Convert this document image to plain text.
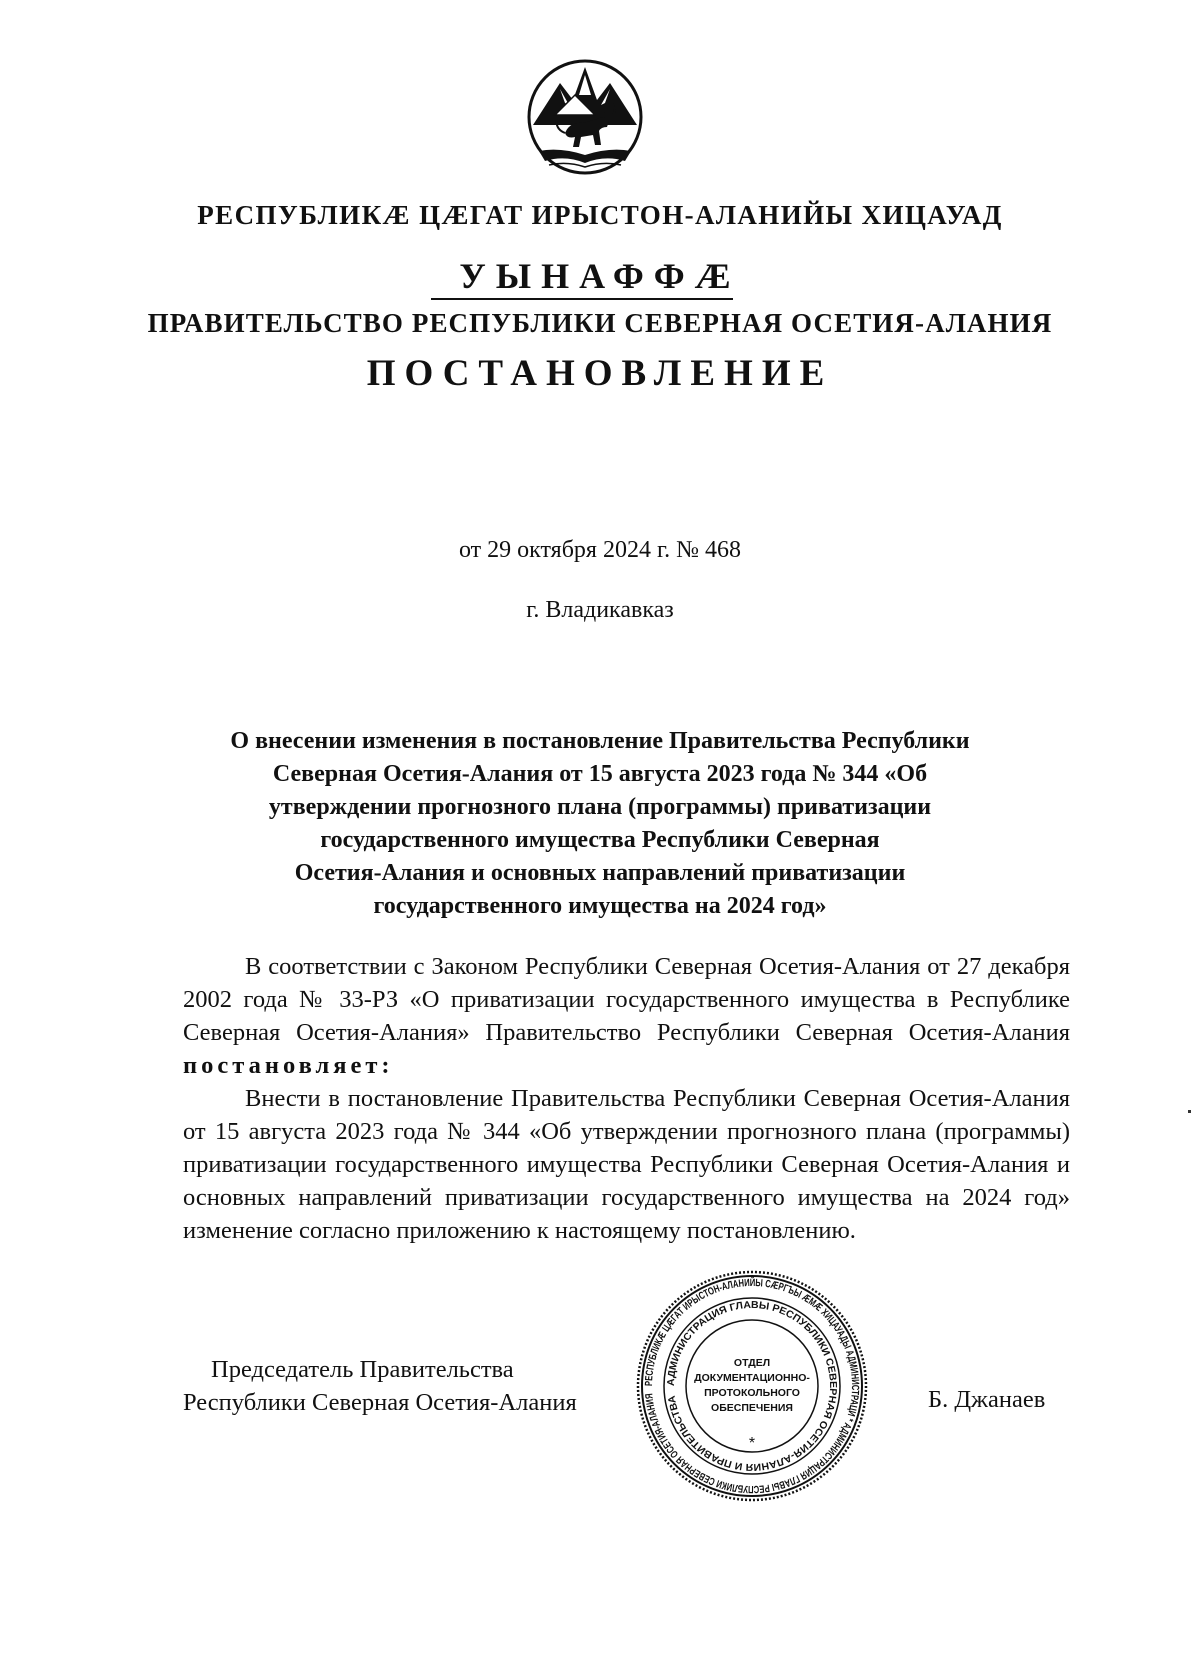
РЕСПУБЛИКӔ ЦӔГАТ ИРЫСТОН-АЛАНИЙЫ ХИЦАУАД
УЫНАФФӔ
ПРАВИТЕЛЬСТВО РЕСПУБЛИКИ СЕВЕРНАЯ ОСЕТИЯ-АЛАНИЯ
ПОСТАНОВЛЕНИЕ
от 29 октября 2024 г. № 468
г. Владикавказ
О внесении изменения в постановление Правительства Республики
Северная Осетия-Алания от 15 августа 2023 года № 344 «Об
утверждении прогнозного плана (программы) приватизации
государственного имущества Республики Северная
Осетия-Алания и основных направлений приватизации
государственного имущества на 2024 год»

В соответствии с Законом Республики Северная Осетия-Алания от 27 декабря 2002 года № 33-РЗ «О приватизации государственного имущества в Республике Северная Осетия-Алания» Правительство Республики Северная Осетия-Алания постановляет:

Внести в постановление Правительства Республики Северная Осетия-Алания от 15 августа 2023 года № 344 «Об утверждении прогнозного плана (программы) приватизации государственного имущества Республики Северная Осетия-Алания и основных направлений приватизации государственного имущества на 2024 год» изменение согласно приложению к настоящему постановлению.

Председатель Правительства
Республики Северная Осетия-Алания	Б. Джанаев
РЕСПУБЛИКӔ ЦӔГАТ ИРЫСТОН-АЛАНИЙЫ СӔРГЪЫ ӔМӔ ХИЦАУАДЫ АДМИНИСТРАЦИ * АДМИНИСТРАЦИЯ ГЛАВЫ РЕСПУБЛИКИ СЕВЕРНАЯ ОСЕТИЯ-АЛАНИЯ
АДМИНИСТРАЦИЯ ГЛАВЫ РЕСПУБЛИКИ СЕВЕРНАЯ ОСЕТИЯ-АЛАНИЯ И ПРАВИТЕЛЬСТВА
ОТДЕЛ
ДОКУМЕНТАЦИОННО-
ПРОТОКОЛЬНОГО
ОБЕСПЕЧЕНИЯ
*
